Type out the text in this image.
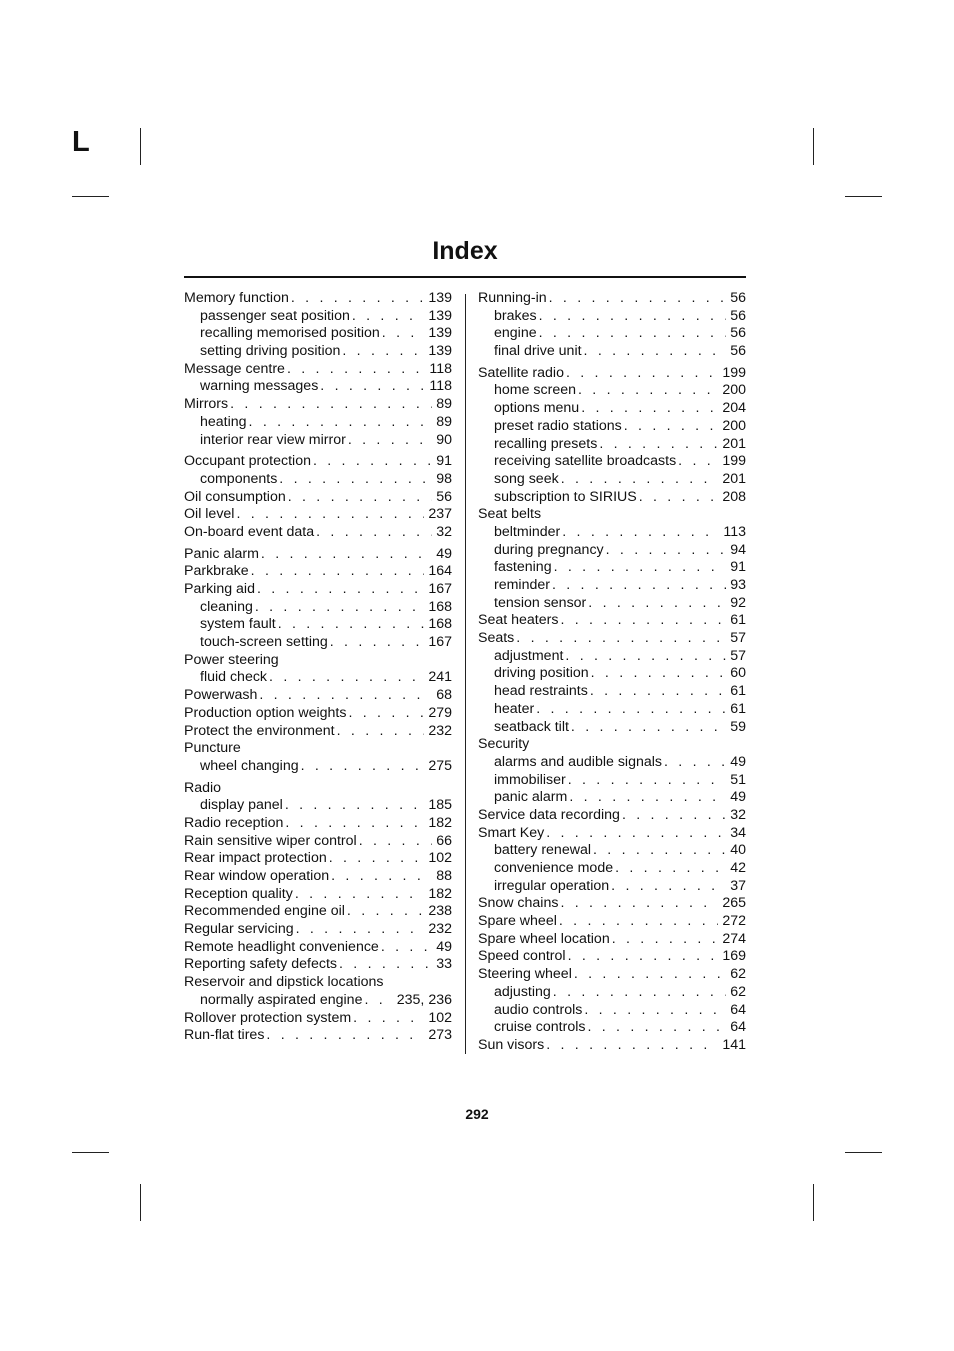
L
Index
Memory function . . .	139
passenger seat position . . .	139
recalling memorised position . . .	139
setting driving position . . .	139
Message centre . . .	118
warning messages . . .	118
Mirrors . . .	89
heating . . .	89
interior rear view mirror . . .	90
Occupant protection . . .	91
components . . .	98
Oil consumption . . .	56
Oil level . . .	237
On-board event data . . .	32
Panic alarm . . .	49
Parkbrake . . .	164
Parking aid . . .	167
cleaning . . .	168
system fault . . .	168
touch-screen setting . . .	167
Power steering
fluid check . . .	241
Powerwash . . .	68
Production option weights . . .	279
Protect the environment . . .	232
Puncture
wheel changing . . .	275
Radio
display panel . . .	185
Radio reception . . .	182
Rain sensitive wiper control . . .	66
Rear impact protection . . .	102
Rear window operation . . .	88
Reception quality . . .	182
Recommended engine oil . . .	238
Regular servicing . . .	232
Remote headlight convenience . . .	49
Reporting safety defects . . .	33
Reservoir and dipstick locations
normally aspirated engine . . . 235, 236
Rollover protection system . . .	102
Run-flat tires . . .	273
Running-in . . .	56
brakes . . .	56
engine . . .	56
final drive unit . . .	56
Satellite radio . . .	199
home screen . . .	200
options menu . . .	204
preset radio stations . . .	200
recalling presets . . .	201
receiving satellite broadcasts . . .	199
song seek . . .	201
subscription to SIRIUS . . .	208
Seat belts
beltminder . . .	113
during pregnancy . . .	94
fastening . . .	91
reminder . . .	93
tension sensor . . .	92
Seat heaters . . .	61
Seats . . .	57
adjustment . . .	57
driving position . . .	60
head restraints . . .	61
heater . . .	61
seatback tilt . . .	59
Security
alarms and audible signals . . .	49
immobiliser . . .	51
panic alarm . . .	49
Service data recording . . .	32
Smart Key . . .	34
battery renewal . . .	40
convenience mode . . .	42
irregular operation . . .	37
Snow chains . . .	265
Spare wheel . . .	272
Spare wheel location . . .	274
Speed control . . .	169
Steering wheel . . .	62
adjusting . . .	62
audio controls . . .	64
cruise controls . . .	64
Sun visors . . .	141
292
